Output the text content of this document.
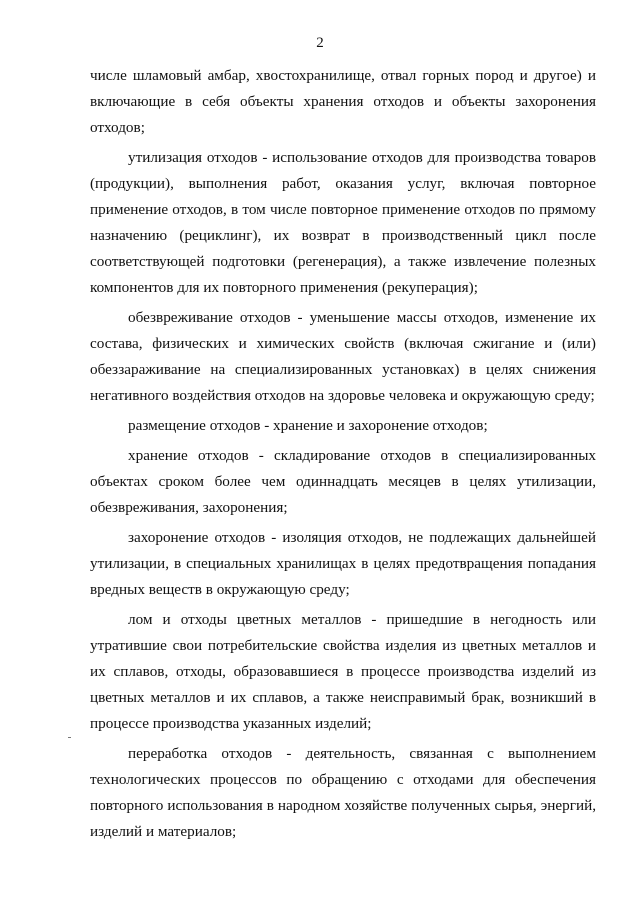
2

числе шламовый амбар, хвостохранилище, отвал горных пород и другое) и включающие в себя объекты хранения отходов и объекты захоронения отходов;

утилизация отходов - использование отходов для производства товаров (продукции), выполнения работ, оказания услуг, включая повторное применение отходов, в том числе повторное применение отходов по прямому назначению (рециклинг), их возврат в производственный цикл после соответствующей подготовки (регенерация), а также извлечение полезных компонентов для их повторного применения (рекуперация);

обезвреживание отходов - уменьшение массы отходов, изменение их состава, физических и химических свойств (включая сжигание и (или) обеззараживание на специализированных установках) в целях снижения негативного воздействия отходов на здоровье человека и окружающую среду;

размещение отходов - хранение и захоронение отходов;

хранение отходов - складирование отходов в специализированных объектах сроком более чем одиннадцать месяцев в целях утилизации, обезвреживания, захоронения;

захоронение отходов - изоляция отходов, не подлежащих дальнейшей утилизации, в специальных хранилищах в целях предотвращения попадания вредных веществ в окружающую среду;

лом и отходы цветных металлов - пришедшие в негодность или утратившие свои потребительские свойства изделия из цветных металлов и их сплавов, отходы, образовавшиеся в процессе производства изделий из цветных металлов и их сплавов, а также неисправимый брак, возникший в процессе производства указанных изделий;

переработка отходов - деятельность, связанная с выполнением технологических процессов по обращению с отходами для обеспечения повторного использования в народном хозяйстве полученных сырья, энергий, изделий и материалов;
